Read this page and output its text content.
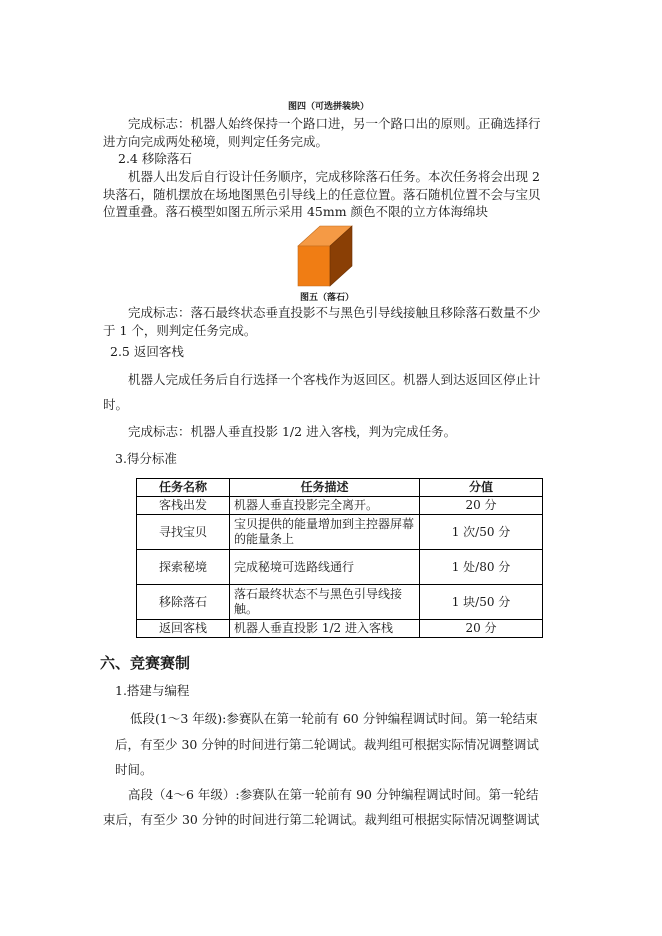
图四（可选拼装块）
完成标志：机器人始终保持一个路口进，另一个路口出的原则。正确选择行
进方向完成两处秘境，则判定任务完成。
2.4 移除落石
机器人出发后自行设计任务顺序，完成移除落石任务。本次任务将会出现 2
块落石，随机摆放在场地图黑色引导线上的任意位置。落石随机位置不会与宝贝
位置重叠。落石模型如图五所示采用 45mm 颜色不限的立方体海绵块
图五（落石）
完成标志：落石最终状态垂直投影不与黑色引导线接触且移除落石数量不少
于 1 个，则判定任务完成。
2.5 返回客栈
机器人完成任务后自行选择一个客栈作为返回区。机器人到达返回区停止计
时。
完成标志：机器人垂直投影 1/2 进入客栈，判为完成任务。
3.得分标准
任务名称	任务描述	分值
客栈出发	机器人垂直投影完全离开。	20 分
寻找宝贝	宝贝提供的能量增加到主控器屏幕的能量条上	1 次/50 分
探索秘境	完成秘境可选路线通行	1 处/80 分
移除落石	落石最终状态不与黑色引导线接触。	1 块/50 分
返回客栈	机器人垂直投影 1/2 进入客栈	20 分
六、竞赛赛制
1.搭建与编程
低段(1～3 年级):参赛队在第一轮前有 60 分钟编程调试时间。第一轮结束
后，有至少 30 分钟的时间进行第二轮调试。裁判组可根据实际情况调整调试
时间。
高段（4～6 年级）:参赛队在第一轮前有 90 分钟编程调试时间。第一轮结
束后，有至少 30 分钟的时间进行第二轮调试。裁判组可根据实际情况调整调试
